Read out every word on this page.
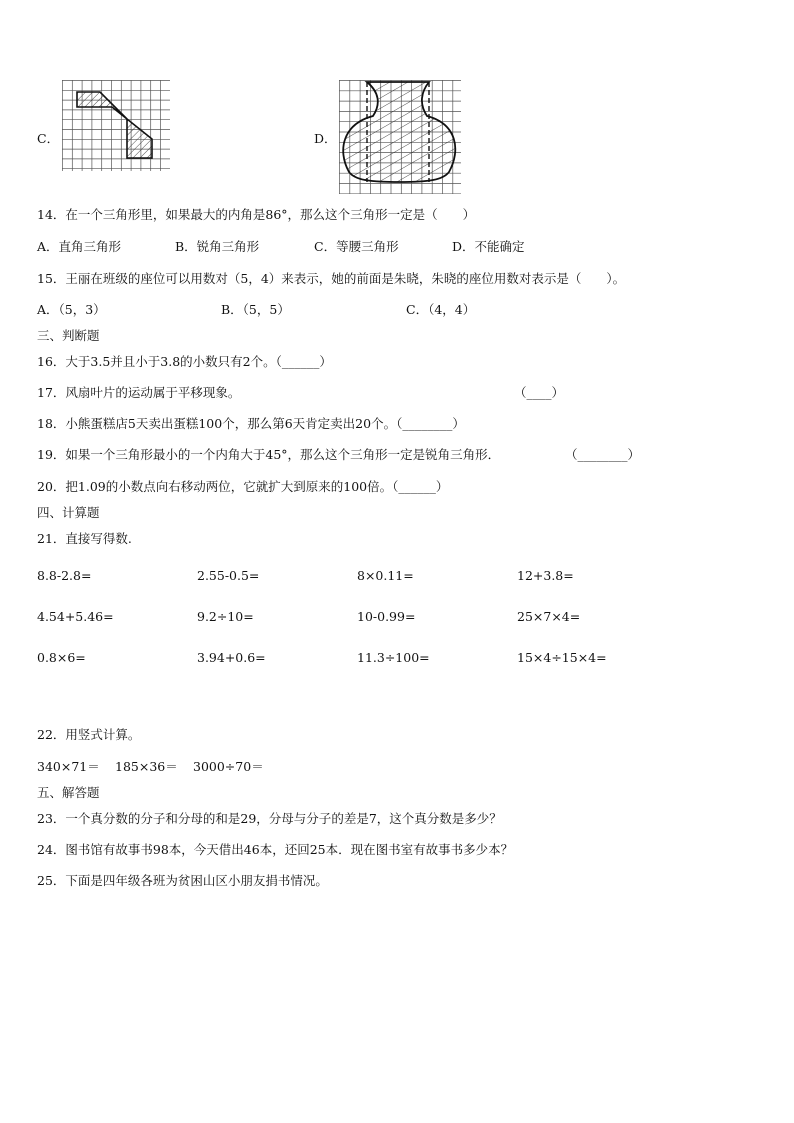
C．	D．
14．在一个三角形里，如果最大的内角是86°，那么这个三角形一定是（　　）
A．直角三角形	B．锐角三角形	C．等腰三角形	D．不能确定
15．王丽在班级的座位可以用数对（5，4）来表示，她的前面是朱晓，朱晓的座位用数对表示是（　　）。
A．（5，3）	B．（5，5）	C．（4，4）
三、判断题
16．大于3.5并且小于3.8的小数只有2个。（______）
17．风扇叶片的运动属于平移现象。	（____）
18．小熊蛋糕店5天卖出蛋糕100个，那么第6天肯定卖出20个。（________）
19．如果一个三角形最小的一个内角大于45°，那么这个三角形一定是锐角三角形．	（________）
20．把1.09的小数点向右移动两位，它就扩大到原来的100倍。（______）
四、计算题
21．直接写得数.
8.8-2.8=	2.55-0.5=	8×0.11=	12+3.8=
4.54+5.46=	9.2÷10=	10-0.99=	25×7×4=
0.8×6=	3.94+0.6=	11.3÷100=	15×4÷15×4=
22．用竖式计算。
340×71＝ 185×36＝ 3000÷70＝
五、解答题
23．一个真分数的分子和分母的和是29，分母与分子的差是7，这个真分数是多少？
24．图书馆有故事书98本，今天借出46本，还回25本．现在图书室有故事书多少本？
25．下面是四年级各班为贫困山区小朋友捐书情况。
